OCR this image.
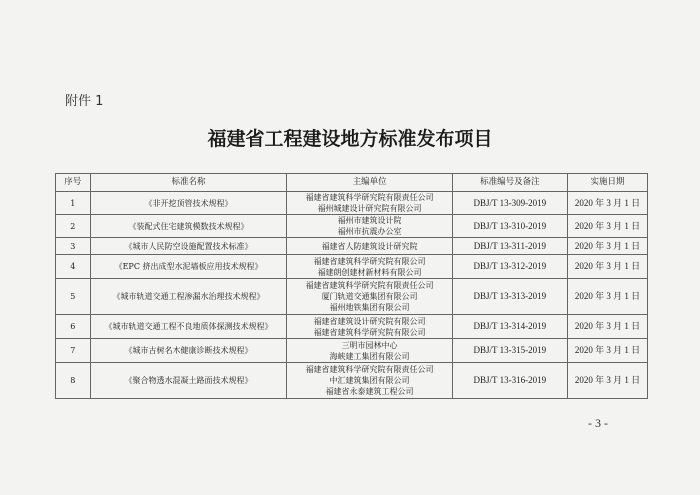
附件 1
福建省工程建设地方标准发布项目
序号	标准名称	主编单位	标准编号及备注	实施日期
1	《非开挖顶管技术规程》	福建省建筑科学研究院有限责任公司
福州城建设计研究院有限公司	DBJ/T 13-309-2019	2020 年 3 月 1 日
2	《装配式住宅建筑模数技术规程》	福州市建筑设计院
福州市抗震办公室	DBJ/T 13-310-2019	2020 年 3 月 1 日
3	《城市人民防空设施配置技术标准》	福建省人防建筑设计研究院	DBJ/T 13-311-2019	2020 年 3 月 1 日
4	《EPC 挤出成型水泥墙板应用技术规程》	福建省建筑科学研究院有限公司
福建朗创建材新材料有限公司	DBJ/T 13-312-2019	2020 年 3 月 1 日
5	《城市轨道交通工程渗漏水治理技术规程》	福建省建筑科学研究院有限责任公司
厦门轨道交通集团有限公司
福州地铁集团有限公司	DBJ/T 13-313-2019	2020 年 3 月 1 日
6	《城市轨道交通工程不良地质体探测技术规程》	福建省建筑设计研究院有限公司
福建省建筑科学研究院有限公司	DBJ/T 13-314-2019	2020 年 3 月 1 日
7	《城市古树名木健康诊断技术规程》	三明市园林中心
海峡建工集团有限公司	DBJ/T 13-315-2019	2020 年 3 月 1 日
8	《聚合物透水混凝土路面技术规程》	福建省建筑科学研究院有限责任公司
中汇建筑集团有限公司
福建省永泰建筑工程公司	DBJ/T 13-316-2019	2020 年 3 月 1 日
- 3 -
